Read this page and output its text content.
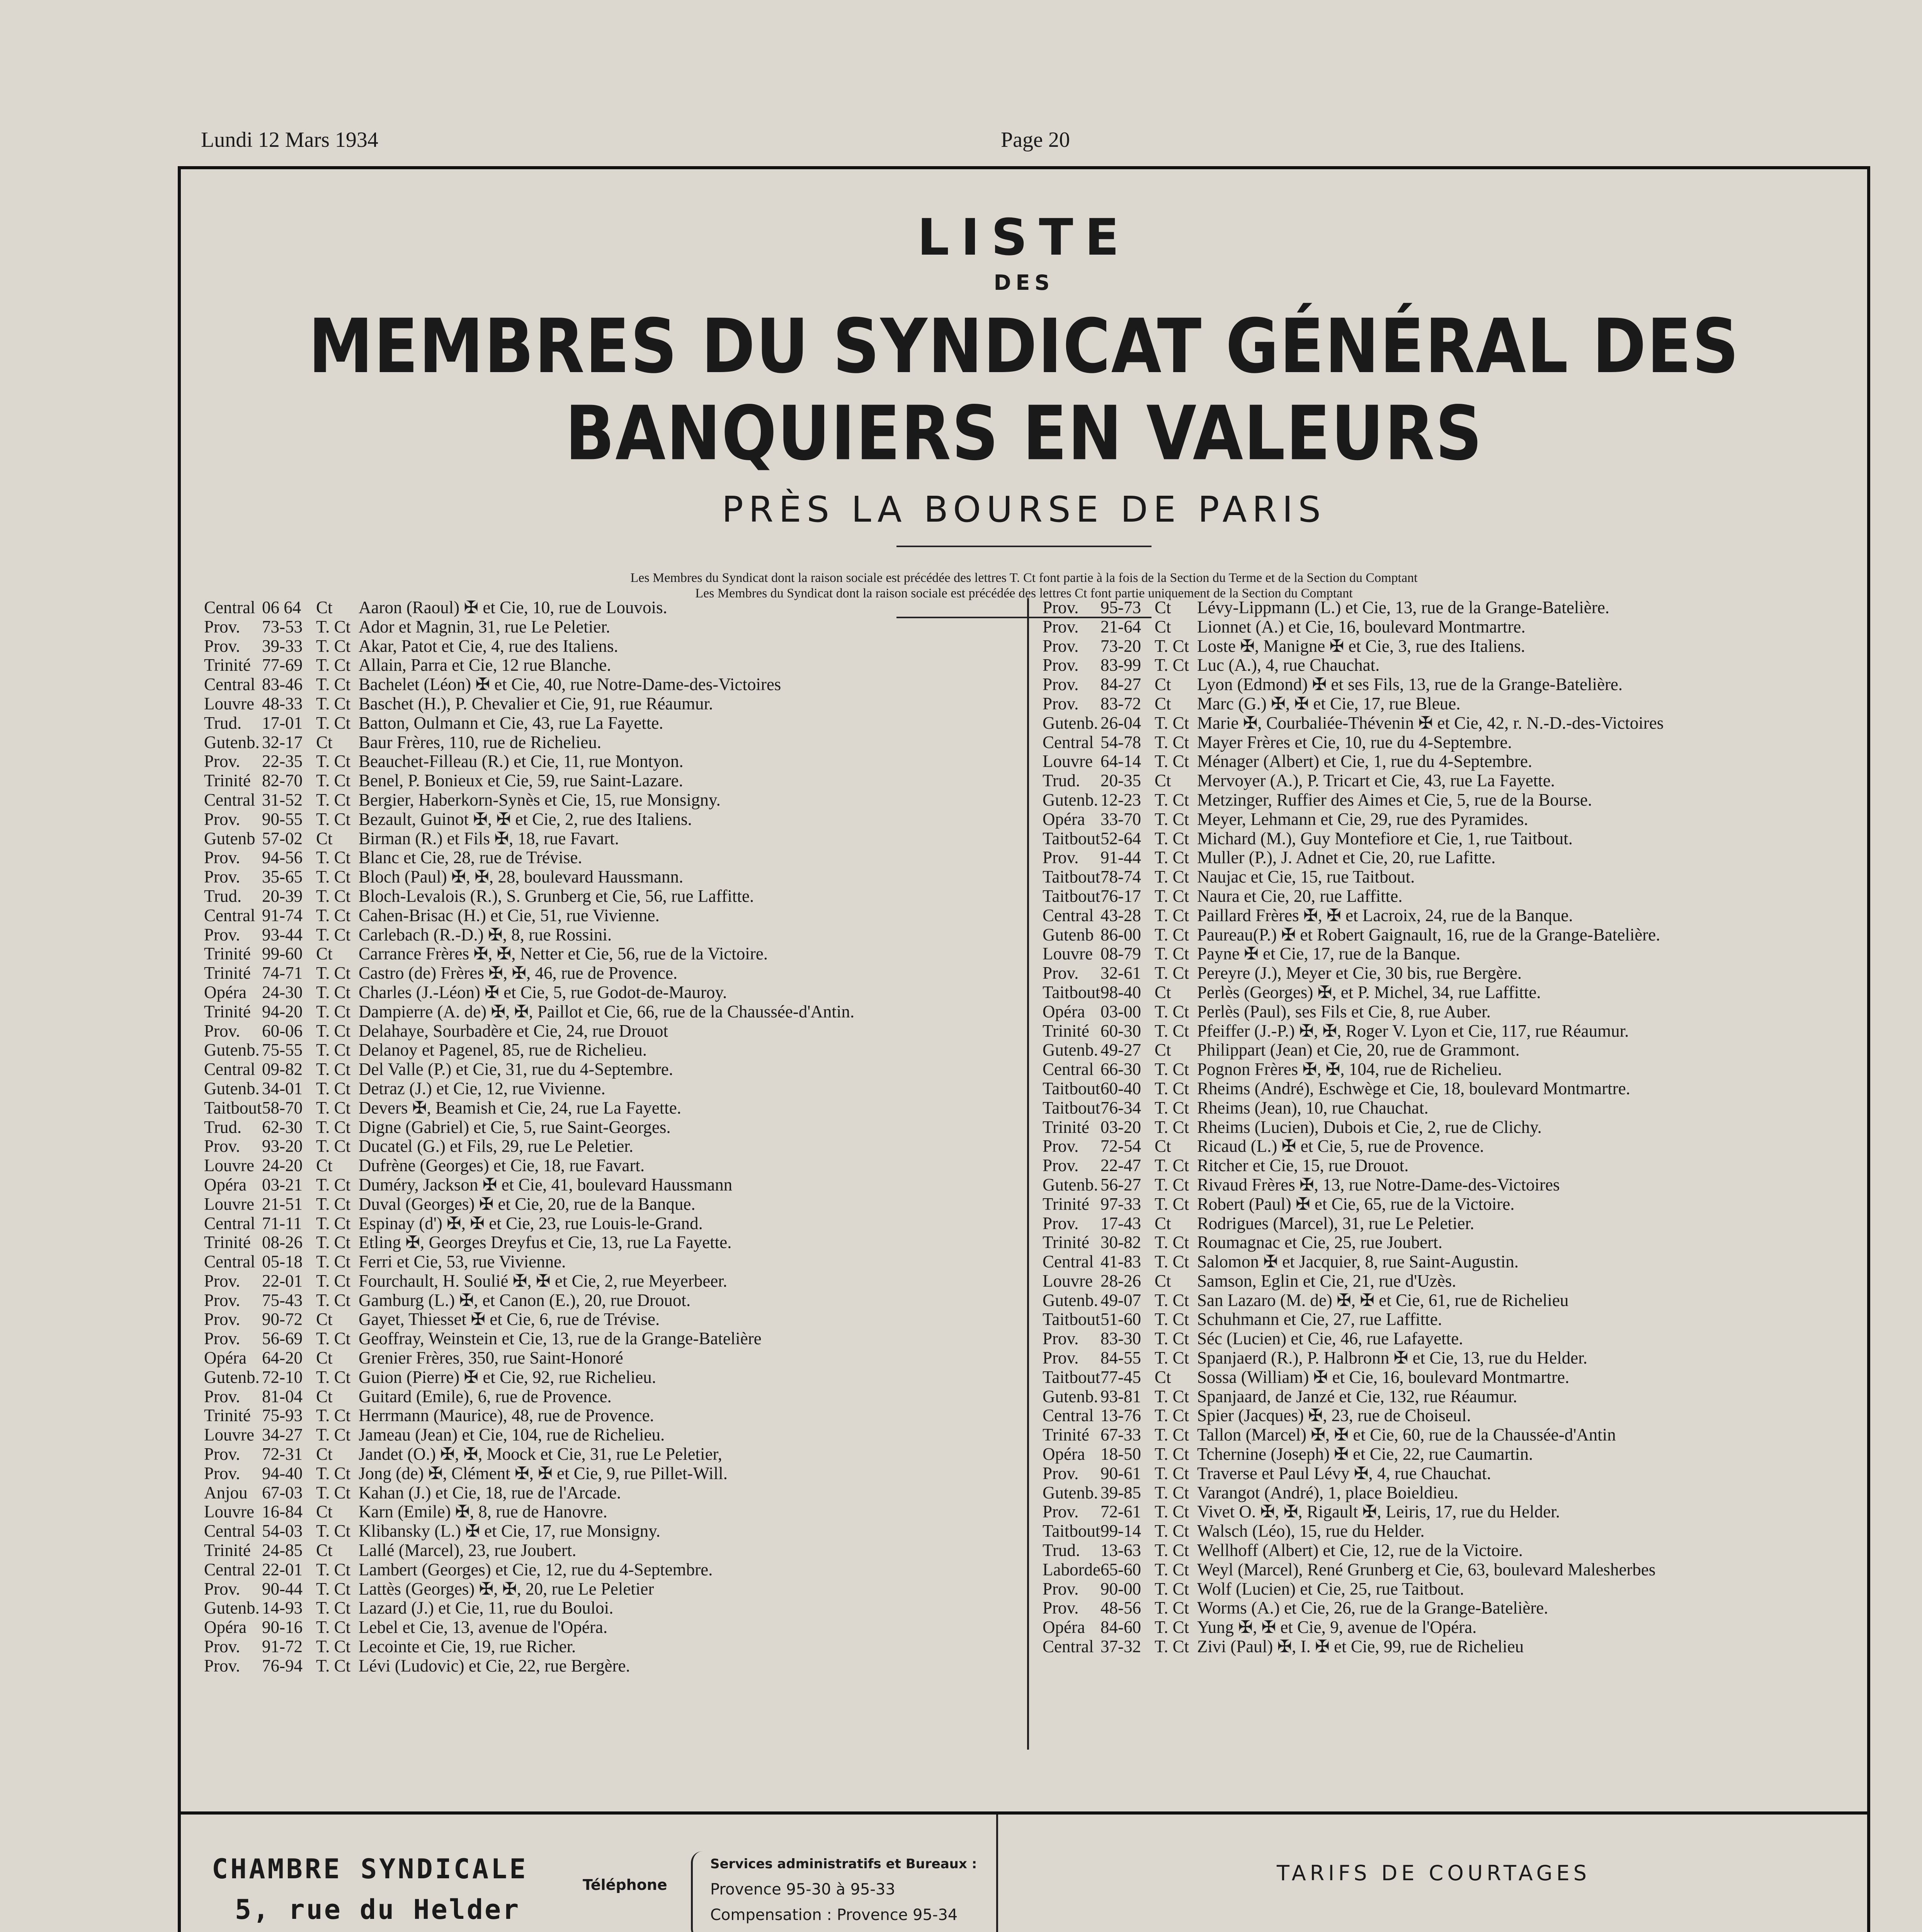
Lundi 12 Mars 1934	Page 20
LISTE
DES
MEMBRES DU SYNDICAT GÉNÉRAL DES BANQUIERS EN VALEURS
PRÈS LA BOURSE DE PARIS
Les Membres du Syndicat dont la raison sociale est précédée des lettres T. Ct font partie à la fois de la Section du Terme et de la Section du Comptant
Les Membres du Syndicat dont la raison sociale est précédée des lettres Ct font partie uniquement de la Section du Comptant
Central 06 64 Ct	Aaron (Raoul) ✠ et Cie, 10, rue de Louvois.
Prov.	73-53 T. Ct Ador et Magnin, 31, rue Le Peletier.
Prov.	39-33 T. Ct Akar, Patot et Cie, 4, rue des Italiens.
Trinité 77-69 T. Ct Allain, Parra et Cie, 12 rue Blanche.
Central 83-46 T. Ct Bachelet (Léon) ✠ et Cie, 40, rue Notre-Dame-des-Victoires
Louvre 48-33 T. Ct Baschet (H.), P. Chevalier et Cie, 91, rue Réaumur.
Trud.	17-01 T. Ct Batton, Oulmann et Cie, 43, rue La Fayette.
Gutenb. 32-17 Ct	Baur Frères, 110, rue de Richelieu.
Prov.	22-35 T. Ct Beauchet-Filleau (R.) et Cie, 11, rue Montyon.
Trinité 82-70 T. Ct Benel, P. Bonieux et Cie, 59, rue Saint-Lazare.
Central 31-52 T. Ct Bergier, Haberkorn-Synès et Cie, 15, rue Monsigny.
Prov.	90-55 T. Ct Bezault, Guinot ✠, ✠ et Cie, 2, rue des Italiens.
Gutenb 57-02 Ct	Birman (R.) et Fils ✠, 18, rue Favart.
Prov.	94-56 T. Ct Blanc et Cie, 28, rue de Trévise.
Prov.	35-65 T. Ct Bloch (Paul) ✠, ✠, 28, boulevard Haussmann.
Trud.	20-39 T. Ct Bloch-Levalois (R.), S. Grunberg et Cie, 56, rue Laffitte.
Central 91-74 T. Ct Cahen-Brisac (H.) et Cie, 51, rue Vivienne.
Prov.	93-44 T. Ct Carlebach (R.-D.) ✠, 8, rue Rossini.
Trinité 99-60 Ct	Carrance Frères ✠, ✠, Netter et Cie, 56, rue de la Victoire.
Trinité 74-71 T. Ct Castro (de) Frères ✠, ✠, 46, rue de Provence.
Opéra 24-30 T. Ct Charles (J.-Léon) ✠ et Cie, 5, rue Godot-de-Mauroy.
Trinité 94-20 T. Ct Dampierre (A. de) ✠, ✠, Paillot et Cie, 66, rue de la Chaussée-d'Antin.
Prov.	60-06 T. Ct Delahaye, Sourbadère et Cie, 24, rue Drouot
Gutenb. 75-55 T. Ct Delanoy et Pagenel, 85, rue de Richelieu.
Central 09-82 T. Ct Del Valle (P.) et Cie, 31, rue du 4-Septembre.
Gutenb. 34-01 T. Ct Detraz (J.) et Cie, 12, rue Vivienne.
Taitbout 58-70 T. Ct Devers ✠, Beamish et Cie, 24, rue La Fayette.
Trud.	62-30 T. Ct Digne (Gabriel) et Cie, 5, rue Saint-Georges.
Prov.	93-20 T. Ct Ducatel (G.) et Fils, 29, rue Le Peletier.
Louvre 24-20 Ct	Dufrène (Georges) et Cie, 18, rue Favart.
Opéra 03-21 T. Ct Duméry, Jackson ✠ et Cie, 41, boulevard Haussmann
Louvre 21-51 T. Ct Duval (Georges) ✠ et Cie, 20, rue de la Banque.
Central 71-11 T. Ct Espinay (d') ✠, ✠ et Cie, 23, rue Louis-le-Grand.
Trinité 08-26 T. Ct Etling ✠, Georges Dreyfus et Cie, 13, rue La Fayette.
Central 05-18 T. Ct Ferri et Cie, 53, rue Vivienne.
Prov.	22-01 T. Ct Fourchault, H. Soulié ✠, ✠ et Cie, 2, rue Meyerbeer.
Prov.	75-43 T. Ct Gamburg (L.) ✠, et Canon (E.), 20, rue Drouot.
Prov.	90-72 Ct	Gayet, Thiesset ✠ et Cie, 6, rue de Trévise.
Prov.	56-69 T. Ct Geoffray, Weinstein et Cie, 13, rue de la Grange-Batelière
Opéra 64-20 Ct	Grenier Frères, 350, rue Saint-Honoré
Gutenb. 72-10 T. Ct Guion (Pierre) ✠ et Cie, 92, rue Richelieu.
Prov.	81-04 Ct	Guitard (Emile), 6, rue de Provence.
Trinité 75-93 T. Ct Herrmann (Maurice), 48, rue de Provence.
Louvre 34-27 T. Ct Jameau (Jean) et Cie, 104, rue de Richelieu.
Prov.	72-31 Ct	Jandet (O.) ✠, ✠, Moock et Cie, 31, rue Le Peletier,
Prov.	94-40 T. Ct Jong (de) ✠, Clément ✠, ✠ et Cie, 9, rue Pillet-Will.
Anjou 67-03 T. Ct Kahan (J.) et Cie, 18, rue de l'Arcade.
Louvre 16-84 Ct	Karn (Emile) ✠, 8, rue de Hanovre.
Central 54-03 T. Ct Klibansky (L.) ✠ et Cie, 17, rue Monsigny.
Trinité 24-85 Ct	Lallé (Marcel), 23, rue Joubert.
Central 22-01 T. Ct Lambert (Georges) et Cie, 12, rue du 4-Septembre.
Prov.	90-44 T. Ct Lattès (Georges) ✠, ✠, 20, rue Le Peletier
Gutenb. 14-93 T. Ct Lazard (J.) et Cie, 11, rue du Bouloi.
Opéra 90-16 T. Ct Lebel et Cie, 13, avenue de l'Opéra.
Prov.	91-72 T. Ct Lecointe et Cie, 19, rue Richer.
Prov.	76-94 T. Ct Lévi (Ludovic) et Cie, 22, rue Bergère.
Prov.	95-73 Ct	Lévy-Lippmann (L.) et Cie, 13, rue de la Grange-Batelière.
Prov.	21-64 Ct	Lionnet (A.) et Cie, 16, boulevard Montmartre.
Prov.	73-20 T. Ct Loste ✠, Manigne ✠ et Cie, 3, rue des Italiens.
Prov.	83-99 T. Ct Luc (A.), 4, rue Chauchat.
Prov.	84-27 Ct	Lyon (Edmond) ✠ et ses Fils, 13, rue de la Grange-Batelière.
Prov.	83-72 Ct	Marc (G.) ✠, ✠ et Cie, 17, rue Bleue.
Gutenb. 26-04 T. Ct Marie ✠, Courbaliée-Thévenin ✠ et Cie, 42, r. N.-D.-des-Victoires
Central 54-78 T. Ct Mayer Frères et Cie, 10, rue du 4-Septembre.
Louvre 64-14 T. Ct Ménager (Albert) et Cie, 1, rue du 4-Septembre.
Trud.	20-35 Ct	Mervoyer (A.), P. Tricart et Cie, 43, rue La Fayette.
Gutenb. 12-23 T. Ct Metzinger, Ruffier des Aimes et Cie, 5, rue de la Bourse.
Opéra 33-70 T. Ct Meyer, Lehmann et Cie, 29, rue des Pyramides.
Taitbout 52-64 T. Ct Michard (M.), Guy Montefiore et Cie, 1, rue Taitbout.
Prov.	91-44 T. Ct Muller (P.), J. Adnet et Cie, 20, rue Lafitte.
Taitbout 78-74 T. Ct Naujac et Cie, 15, rue Taitbout.
Taitbout 76-17 T. Ct Naura et Cie, 20, rue Laffitte.
Central 43-28 T. Ct Paillard Frères ✠, ✠ et Lacroix, 24, rue de la Banque.
Gutenb 86-00 T. Ct Paureau(P.) ✠ et Robert Gaignault, 16, rue de la Grange-Batelière.
Louvre 08-79 T. Ct Payne ✠ et Cie, 17, rue de la Banque.
Prov.	32-61 T. Ct Pereyre (J.), Meyer et Cie, 30 bis, rue Bergère.
Taitbout 98-40 Ct	Perlès (Georges) ✠, et P. Michel, 34, rue Laffitte.
Opéra 03-00 T. Ct Perlès (Paul), ses Fils et Cie, 8, rue Auber.
Trinité 60-30 T. Ct Pfeiffer (J.-P.) ✠, ✠, Roger V. Lyon et Cie, 117, rue Réaumur.
Gutenb. 49-27 Ct	Philippart (Jean) et Cie, 20, rue de Grammont.
Central 66-30 T. Ct Pognon Frères ✠, ✠, 104, rue de Richelieu.
Taitbout 60-40 T. Ct Rheims (André), Eschwège et Cie, 18, boulevard Montmartre.
Taitbout 76-34 T. Ct Rheims (Jean), 10, rue Chauchat.
Trinité 03-20 T. Ct Rheims (Lucien), Dubois et Cie, 2, rue de Clichy.
Prov.	72-54 Ct	Ricaud (L.) ✠ et Cie, 5, rue de Provence.
Prov.	22-47 T. Ct Ritcher et Cie, 15, rue Drouot.
Gutenb. 56-27 T. Ct Rivaud Frères ✠, 13, rue Notre-Dame-des-Victoires
Trinité 97-33 T. Ct Robert (Paul) ✠ et Cie, 65, rue de la Victoire.
Prov.	17-43 Ct	Rodrigues (Marcel), 31, rue Le Peletier.
Trinité 30-82 T. Ct Roumagnac et Cie, 25, rue Joubert.
Central 41-83 T. Ct Salomon ✠ et Jacquier, 8, rue Saint-Augustin.
Louvre 28-26 Ct	Samson, Eglin et Cie, 21, rue d'Uzès.
Gutenb. 49-07 T. Ct San Lazaro (M. de) ✠, ✠ et Cie, 61, rue de Richelieu
Taitbout 51-60 T. Ct Schuhmann et Cie, 27, rue Laffitte.
Prov.	83-30 T. Ct Séc (Lucien) et Cie, 46, rue Lafayette.
Prov.	84-55 T. Ct Spanjaerd (R.), P. Halbronn ✠ et Cie, 13, rue du Helder.
Taitbout 77-45 Ct	Sossa (William) ✠ et Cie, 16, boulevard Montmartre.
Gutenb. 93-81 T. Ct Spanjaard, de Janzé et Cie, 132, rue Réaumur.
Central 13-76 T. Ct Spier (Jacques) ✠, 23, rue de Choiseul.
Trinité 67-33 T. Ct Tallon (Marcel) ✠, ✠ et Cie, 60, rue de la Chaussée-d'Antin
Opéra 18-50 T. Ct Tchernine (Joseph) ✠ et Cie, 22, rue Caumartin.
Prov.	90-61 T. Ct Traverse et Paul Lévy ✠, 4, rue Chauchat.
Gutenb. 39-85 T. Ct Varangot (André), 1, place Boieldieu.
Prov.	72-61 T. Ct Vivet O. ✠, ✠, Rigault ✠, Leiris, 17, rue du Helder.
Taitbout 99-14 T. Ct Walsch (Léo), 15, rue du Helder.
Trud.	13-63 T. Ct Wellhoff (Albert) et Cie, 12, rue de la Victoire.
Laborde 65-60 T. Ct Weyl (Marcel), René Grunberg et Cie, 63, boulevard Malesherbes
Prov.	90-00 T. Ct Wolf (Lucien) et Cie, 25, rue Taitbout.
Prov.	48-56 T. Ct Worms (A.) et Cie, 26, rue de la Grange-Batelière.
Opéra 84-60 T. Ct Yung ✠, ✠ et Cie, 9, avenue de l'Opéra.
Central 37-32 T. Ct Zivi (Paul) ✠, I. ✠ et Cie, 99, rue de Richelieu
CHAMBRE SYNDICALE
5, rue du Helder
Téléphone
Services administratifs et Bureaux :
Provence 95-30 à 95-33
Compensation : Provence 95-34
TARIFS DE COURTAGES
